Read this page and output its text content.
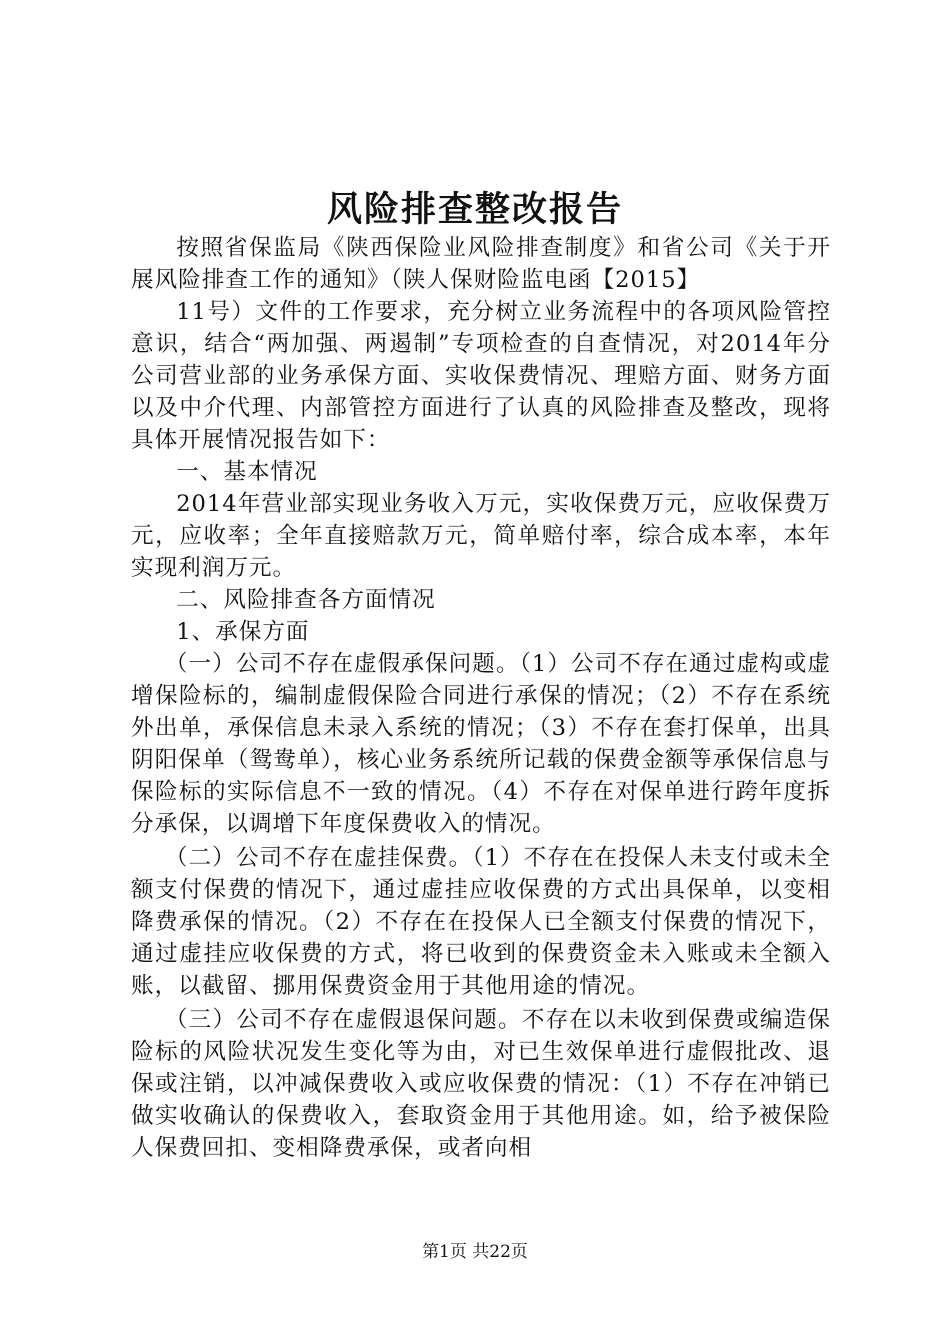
风险排查整改报告

按照省保监局《陕西保险业风险排查制度》和省公司《关于开展风险排查工作的通知》（陕人保财险监电函【2015】

11号）文件的工作要求，充分树立业务流程中的各项风险管控意识，结合“两加强、两遏制”专项检查的自查情况，对2014年分公司营业部的业务承保方面、实收保费情况、理赔方面、财务方面以及中介代理、内部管控方面进行了认真的风险排查及整改，现将具体开展情况报告如下：

一、基本情况

2014年营业部实现业务收入万元，实收保费万元，应收保费万元，应收率；全年直接赔款万元，简单赔付率，综合成本率，本年实现利润万元。

二、风险排查各方面情况

1、承保方面

（一）公司不存在虚假承保问题。（1）公司不存在通过虚构或虚增保险标的，编制虚假保险合同进行承保的情况；（2）不存在系统外出单，承保信息未录入系统的情况；（3）不存在套打保单，出具阴阳保单（鸳鸯单），核心业务系统所记载的保费金额等承保信息与保险标的实际信息不一致的情况。（4）不存在对保单进行跨年度拆分承保，以调增下年度保费收入的情况。

（二）公司不存在虚挂保费。（1）不存在在投保人未支付或未全额支付保费的情况下，通过虚挂应收保费的方式出具保单，以变相降费承保的情况。（2）不存在在投保人已全额支付保费的情况下，通过虚挂应收保费的方式，将已收到的保费资金未入账或未全额入账，以截留、挪用保费资金用于其他用途的情况。

（三）公司不存在虚假退保问题。不存在以未收到保费或编造保险标的风险状况发生变化等为由，对已生效保单进行虚假批改、退保或注销，以冲减保费收入或应收保费的情况：（1）不存在冲销已做实收确认的保费收入，套取资金用于其他用途。如，给予被保险人保费回扣、变相降费承保，或者向相

第1页 共22页
